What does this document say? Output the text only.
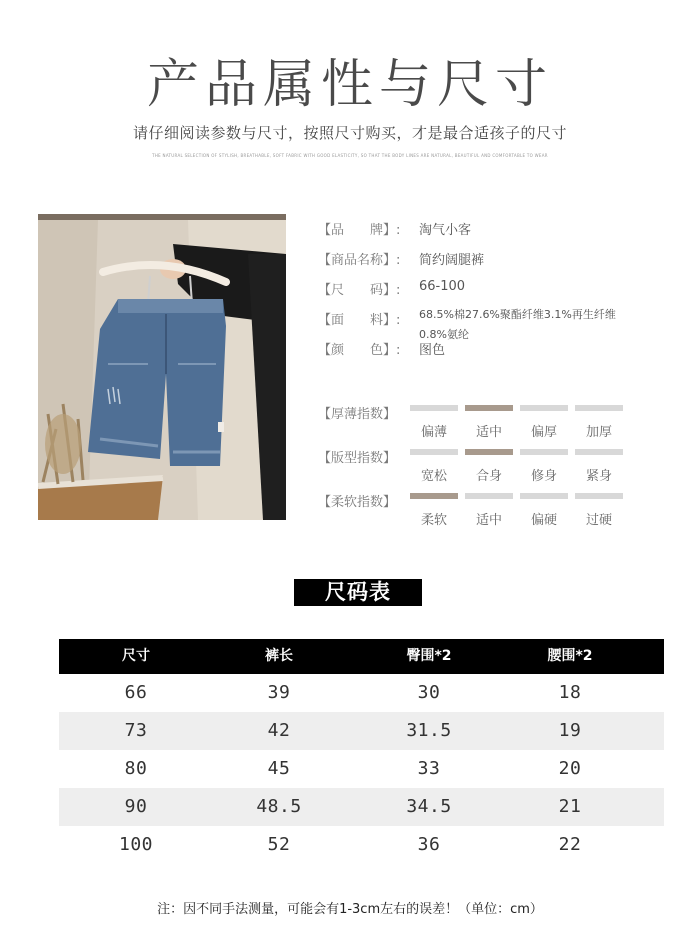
产品属性与尺寸
请仔细阅读参数与尺寸，按照尺寸购买，才是最合适孩子的尺寸
THE NATURAL SELECTION OF STYLISH, BREATHABLE, SOFT FABRIC WITH GOOD ELASTICITY, SO THAT THE BODY LINES ARE NATURAL, BEAUTIFUL AND COMFORTABLE TO WEAR
【品　　牌】:	淘气小客
【商品名称】:	简约阔腿裤
【尺　　码】:	66-100
【面　　料】:	68.5%棉27.6%聚酯纤维3.1%再生纤维0.8%氨纶
【颜　　色】:	图色
【厚薄指数】
偏薄	适中	偏厚	加厚
【版型指数】
宽松	合身	修身	紧身
【柔软指数】
柔软	适中	偏硬	过硬
尺码表
尺寸	裤长	臀围*2	腰围*2
66	39	30	18
73	42	31.5	19
80	45	33	20
90	48.5	34.5	21
100	52	36	22
注：因不同手法测量，可能会有1-3cm左右的误差！（单位：cm）
